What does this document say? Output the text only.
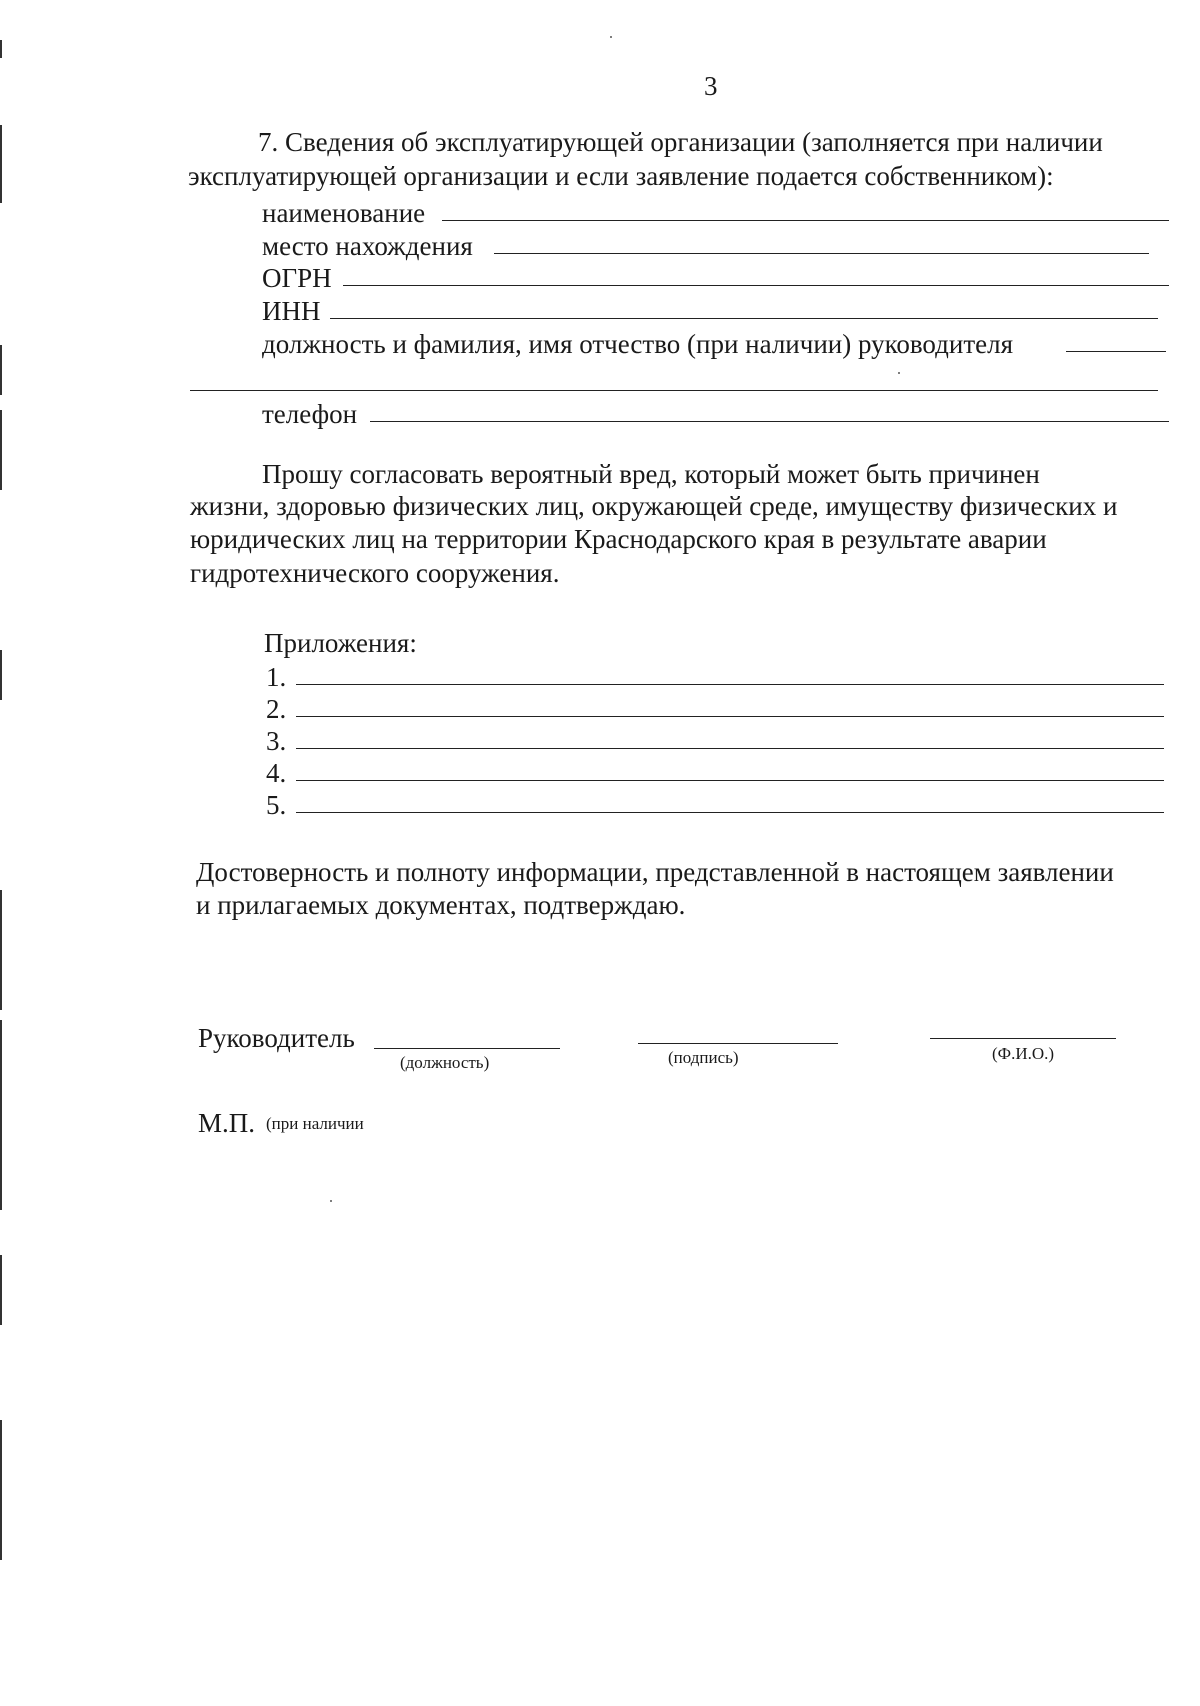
3
7. Сведения об эксплуатирующей организации (заполняется при наличии
эксплуатирующей организации и если заявление подается собственником):
наименование
место нахождения
ОГРН
ИНН
должность и фамилия, имя отчество (при наличии) руководителя
телефон
Прошу согласовать вероятный вред, который может быть причинен
жизни, здоровью физических лиц, окружающей среде, имуществу физических и
юридических лиц на территории Краснодарского края в результате аварии
гидротехнического сооружения.
Приложения:
1.
2.
3.
4.
5.
Достоверность и полноту информации, представленной в настоящем заявлении
и прилагаемых документах, подтверждаю.
Руководитель
(должность)	(подпись)	(Ф.И.О.)
М.П. (при наличии
